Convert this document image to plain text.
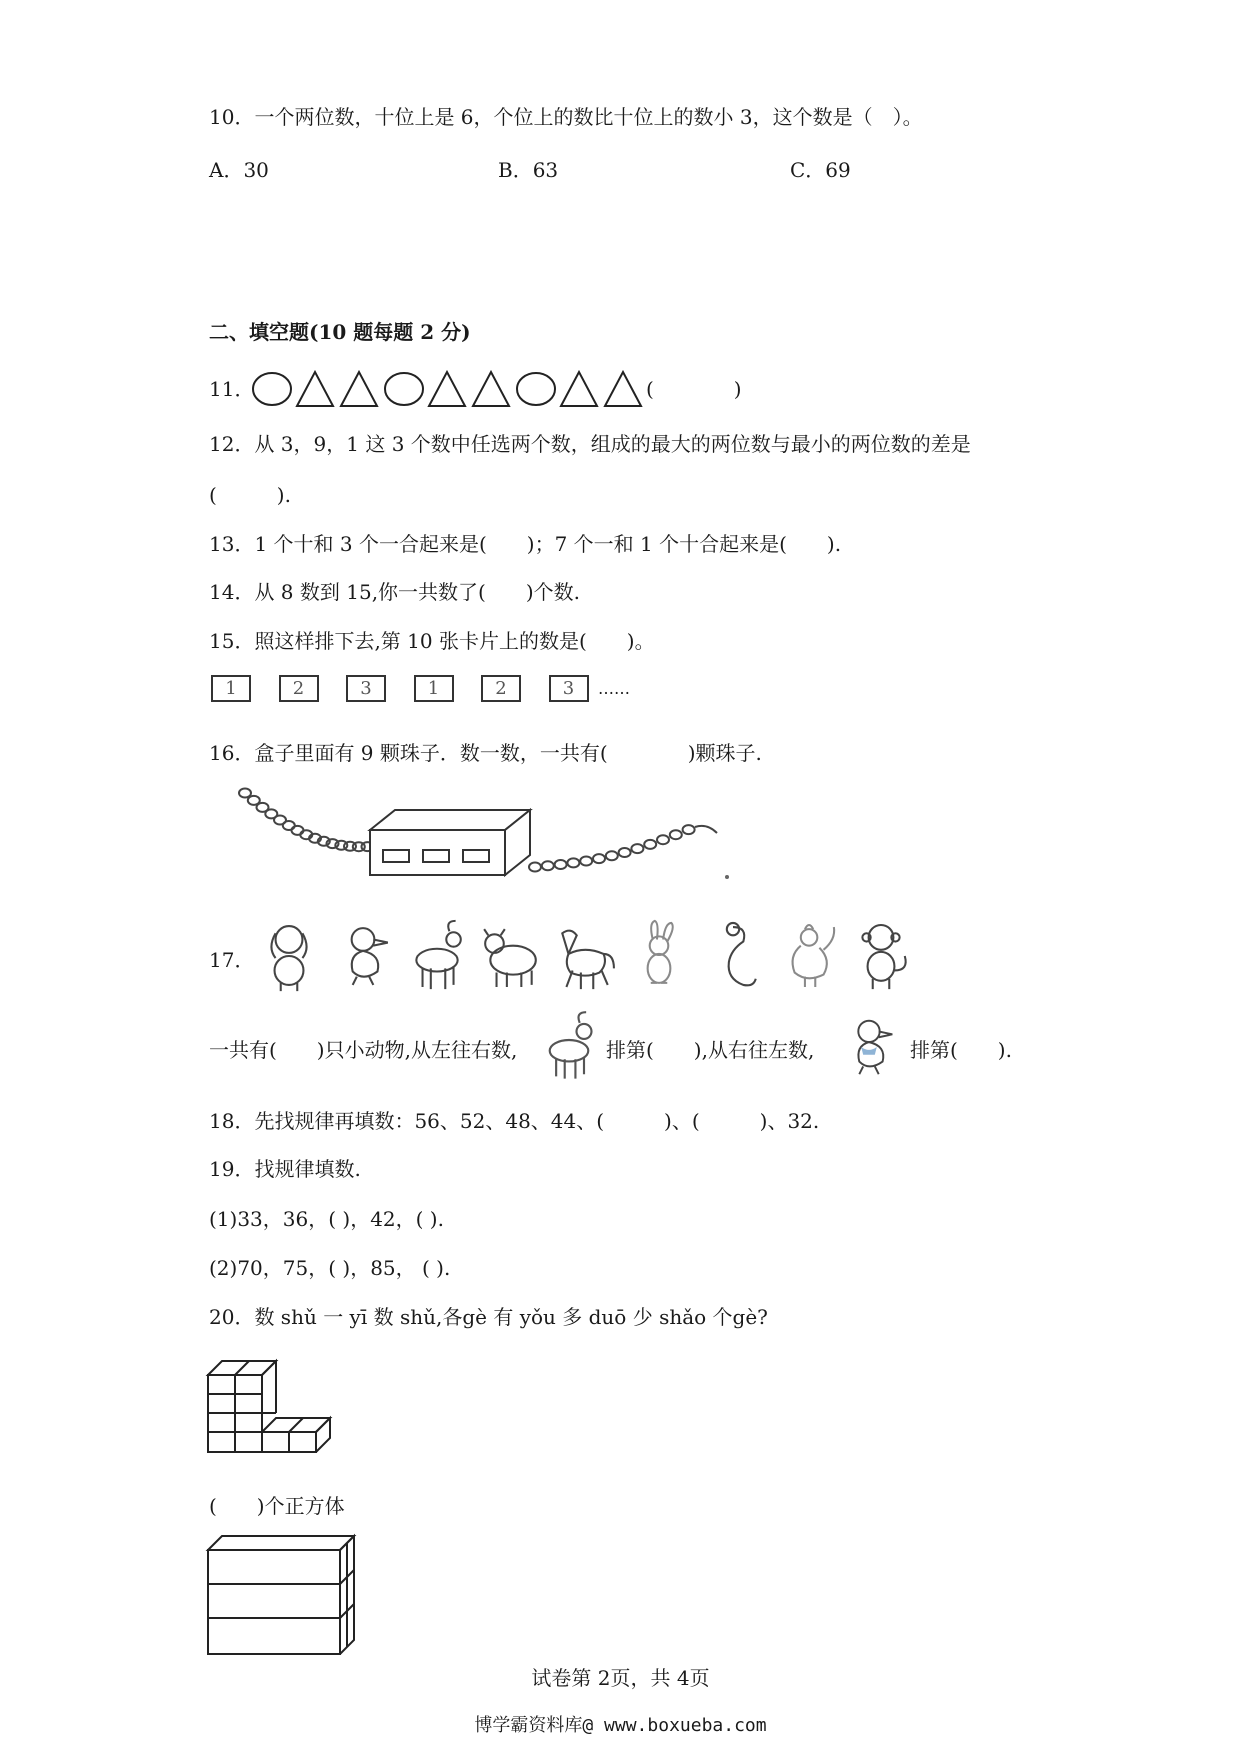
10．一个两位数，十位上是 6，个位上的数比十位上的数小 3，这个数是（　）。
A．30	B．63	C．69
二、填空题(10 题每题 2 分)
11．	(　　　　)
12．从 3，9，1 这 3 个数中任选两个数，组成的最大的两位数与最小的两位数的差是
(　　　).
13．1 个十和 3 个一合起来是(　　)；7 个一和 1 个十合起来是(　　).
14．从 8 数到 15,你一共数了(　　)个数.
15．照这样排下去,第 10 张卡片上的数是(　　)。
1	2	3	1	2	3	……
16．盒子里面有 9 颗珠子．数一数，一共有(　　　　)颗珠子.
17．
一共有(　　)只小动物,从左往右数,	排第(　　),从右往左数,	排第(　　).
18．先找规律再填数：56、52、48、44、(　　　)、(　　　)、32.
19．找规律填数.
(1)33，36，( )，42，( ).
(2)70，75，( )，85， ( ).
20．数 shǔ 一 yī 数 shǔ,各gè 有 yǒu 多 duō 少 shǎo 个gè?
(　　)个正方体
试卷第 2页，共 4页
博学霸资料库@ www.boxueba.com
